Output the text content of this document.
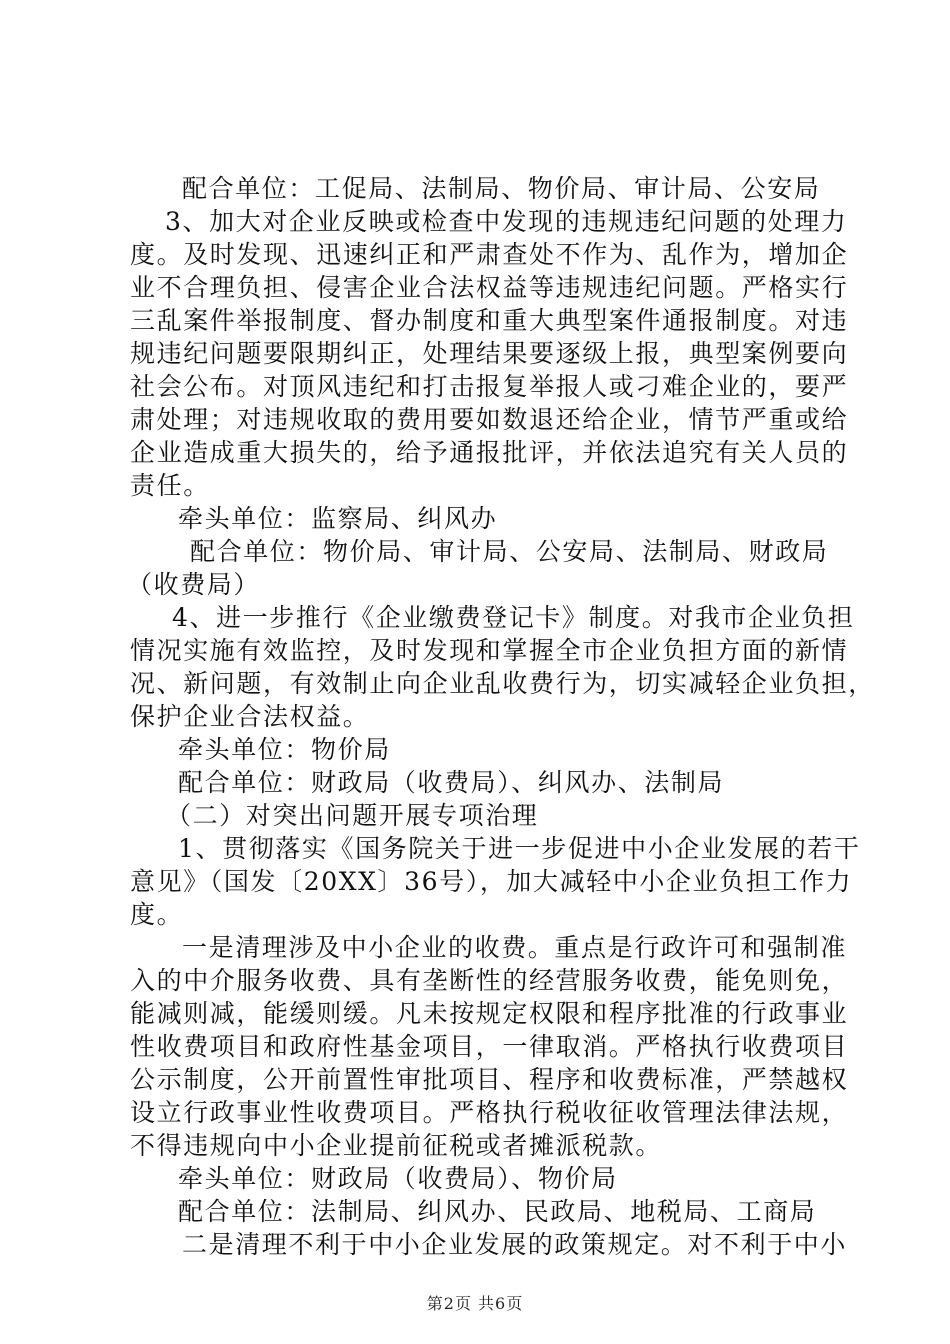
配合单位：工促局、法制局、物价局、审计局、公安局
3、加大对企业反映或检查中发现的违规违纪问题的处理力
度。及时发现、迅速纠正和严肃查处不作为、乱作为，增加企
业不合理负担、侵害企业合法权益等违规违纪问题。严格实行
三乱案件举报制度、督办制度和重大典型案件通报制度。对违
规违纪问题要限期纠正，处理结果要逐级上报，典型案例要向
社会公布。对顶风违纪和打击报复举报人或刁难企业的，要严
肃处理；对违规收取的费用要如数退还给企业，情节严重或给
企业造成重大损失的，给予通报批评，并依法追究有关人员的
责任。
牵头单位：监察局、纠风办
配合单位：物价局、审计局、公安局、法制局、财政局
（收费局）
4、进一步推行《企业缴费登记卡》制度。对我市企业负担
情况实施有效监控，及时发现和掌握全市企业负担方面的新情
况、新问题，有效制止向企业乱收费行为，切实减轻企业负担，
保护企业合法权益。
牵头单位：物价局
配合单位：财政局（收费局）、纠风办、法制局
（二）对突出问题开展专项治理
1、贯彻落实《国务院关于进一步促进中小企业发展的若干
意见》（国发〔20XX〕36号），加大减轻中小企业负担工作力
度。
一是清理涉及中小企业的收费。重点是行政许可和强制准
入的中介服务收费、具有垄断性的经营服务收费，能免则免，
能减则减，能缓则缓。凡未按规定权限和程序批准的行政事业
性收费项目和政府性基金项目，一律取消。严格执行收费项目
公示制度，公开前置性审批项目、程序和收费标准，严禁越权
设立行政事业性收费项目。严格执行税收征收管理法律法规，
不得违规向中小企业提前征税或者摊派税款。
牵头单位：财政局（收费局）、物价局
配合单位：法制局、纠风办、民政局、地税局、工商局
二是清理不利于中小企业发展的政策规定。对不利于中小
第2页 共6页
